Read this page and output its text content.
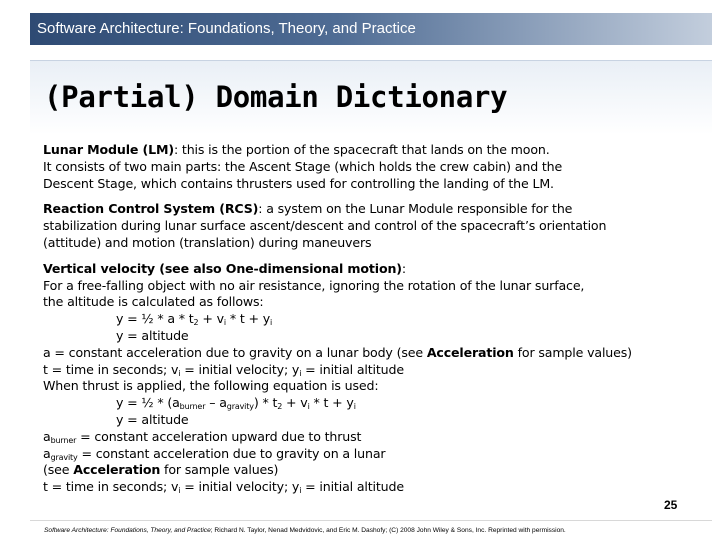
Software Architecture: Foundations, Theory, and Practice
(Partial) Domain Dictionary
Lunar Module (LM): this is the portion of the spacecraft that lands on the moon.
It consists of two main parts: the Ascent Stage (which holds the crew cabin) and the
Descent Stage, which contains thrusters used for controlling the landing of the LM.
Reaction Control System (RCS): a system on the Lunar Module responsible for the
stabilization during lunar surface ascent/descent and control of the spacecraft’s orientation
(attitude) and motion (translation) during maneuvers
Vertical velocity (see also One-dimensional motion):
For a free-falling object with no air resistance, ignoring the rotation of the lunar surface,
the altitude is calculated as follows:
y = ½ * $a * t_2 + v_i * t + y_i$
y = altitude
a = constant acceleration due to gravity on a lunar body (see Acceleration for sample values)
t = time in seconds; $v_i$ = initial velocity; $y_i$ = initial altitude
When thrust is applied, the following equation is used:
y = ½ * $(a_{burner} - a_{gravity}) * t_2 + v_i * t + y_i$
y = altitude
$a_{burner}$ = constant acceleration upward due to thrust
$a_{gravity}$ = constant acceleration due to gravity on a lunar
(see Acceleration for sample values)
t = time in seconds; $v_i$ = initial velocity; $y_i$ = initial altitude
25
Software Architecture: Foundations, Theory, and Practice; Richard N. Taylor, Nenad Medvidovic, and Eric M. Dashofy; (C) 2008 John Wiley & Sons, Inc. Reprinted with permission.
